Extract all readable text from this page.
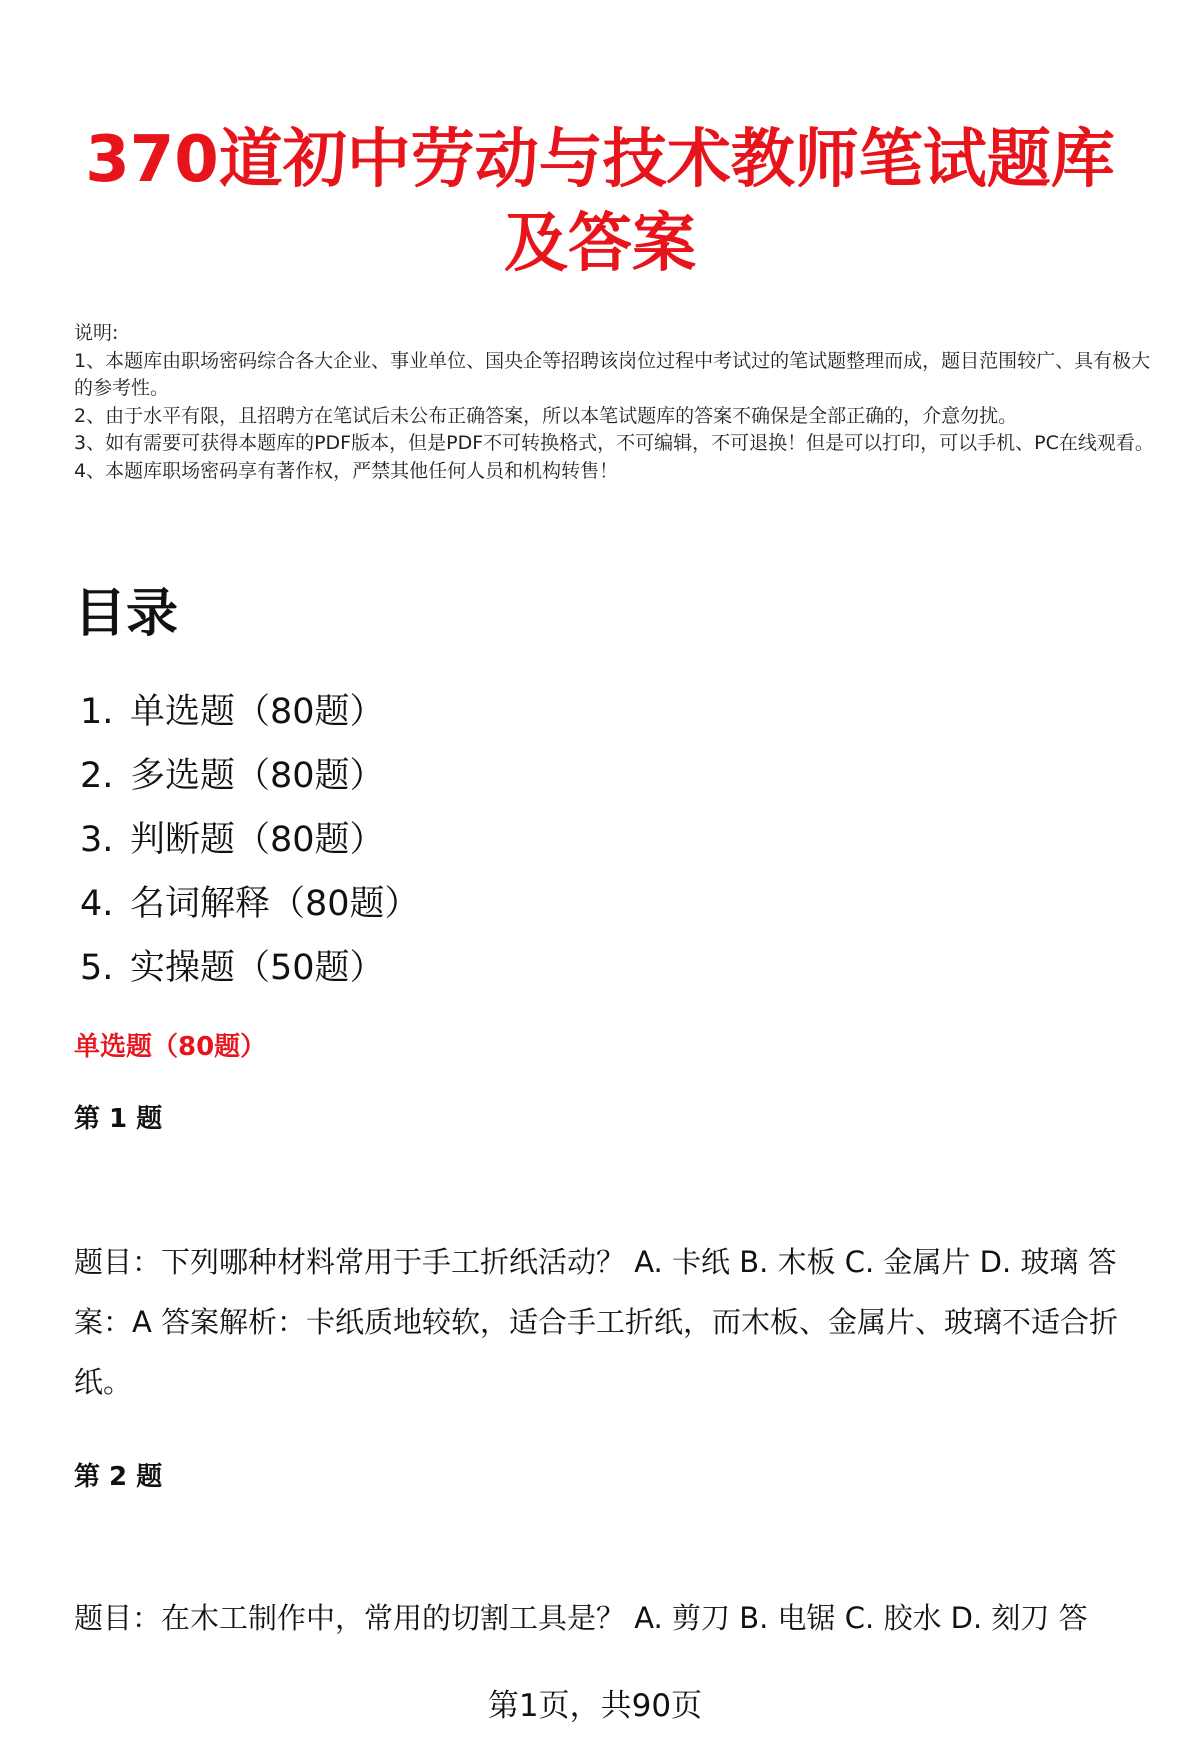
370道初中劳动与技术教师笔试题库
及答案

说明:

1、本题库由职场密码综合各大企业、事业单位、国央企等招聘该岗位过程中考试过的笔试题整理而成，题目范围较广、具有极大的参考性。

2、由于水平有限，且招聘方在笔试后未公布正确答案，所以本笔试题库的答案不确保是全部正确的，介意勿扰。

3、如有需要可获得本题库的PDF版本，但是PDF不可转换格式，不可编辑，不可退换！但是可以打印，可以手机、PC在线观看。

4、本题库职场密码享有著作权，严禁其他任何人员和机构转售！

目录
1. 单选题（80题）
2. 多选题（80题）
3. 判断题（80题）
4. 名词解释（80题）
5. 实操题（50题）
单选题（80题）
第 1 题
题目：下列哪种材料常用于手工折纸活动？ A. 卡纸 B. 木板 C. 金属片 D. 玻璃 答案：A 答案解析：卡纸质地较软，适合手工折纸，而木板、金属片、玻璃不适合折纸。
第 2 题
题目：在木工制作中，常用的切割工具是？ A. 剪刀 B. 电锯 C. 胶水 D. 刻刀 答
第1页，共90页
